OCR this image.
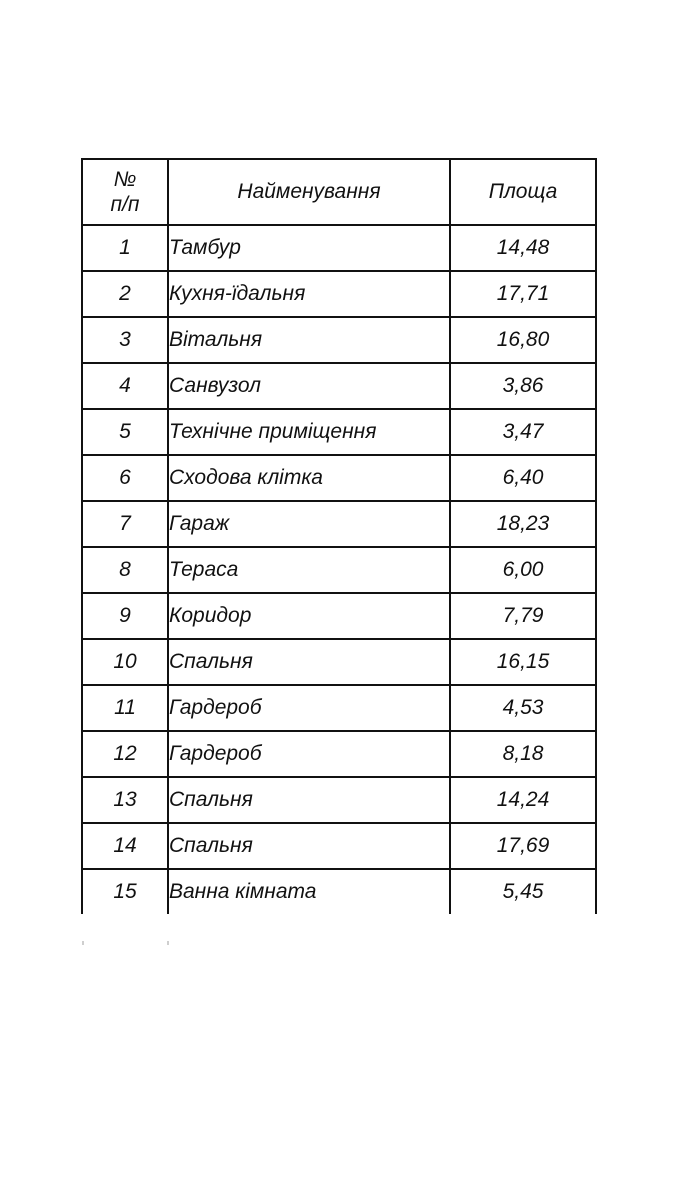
№
п/п	Найменування	Площа
1	Тамбур	14,48
2	Кухня-їдальня	17,71
3	Вітальня	16,80
4	Санвузол	3,86
5	Технічне приміщення	3,47
6	Сходова клітка	6,40
7	Гараж	18,23
8	Тераса	6,00
9	Коридор	7,79
10	Спальня	16,15
11	Гардероб	4,53
12	Гардероб	8,18
13	Спальня	14,24
14	Спальня	17,69
15	Ванна кімната	5,45
